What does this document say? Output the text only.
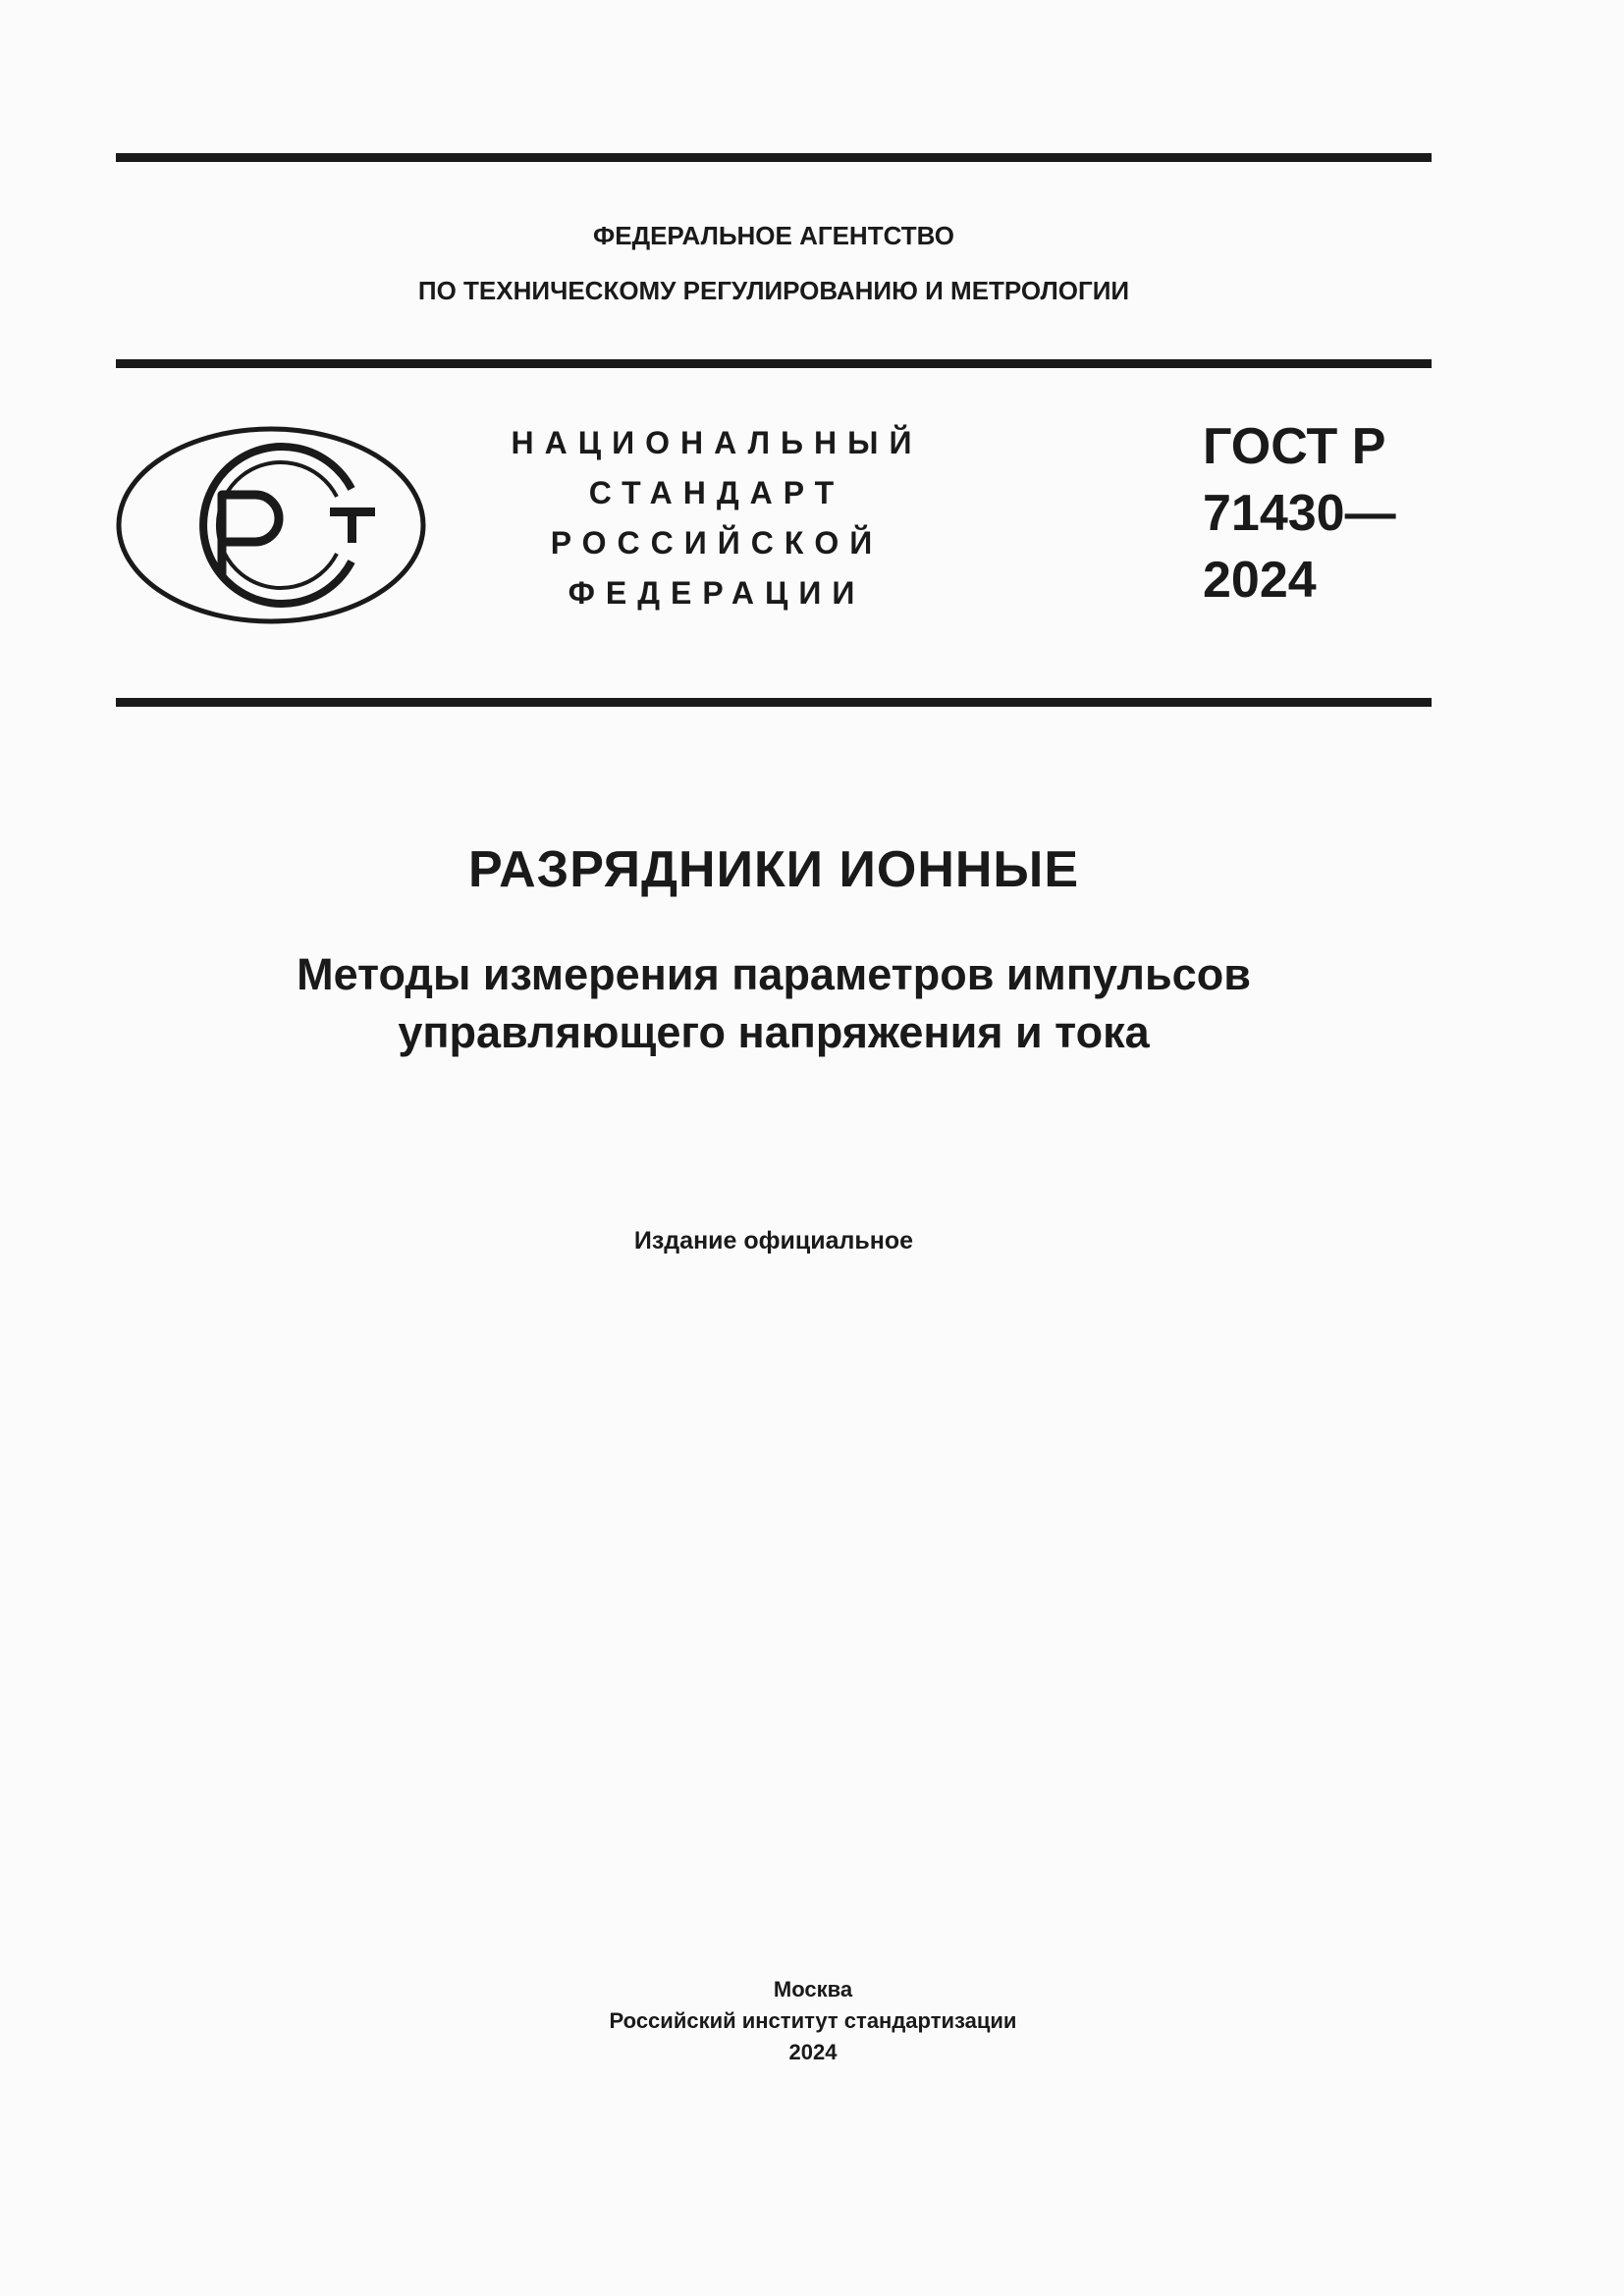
ФЕДЕРАЛЬНОЕ АГЕНТСТВО
ПО ТЕХНИЧЕСКОМУ РЕГУЛИРОВАНИЮ И МЕТРОЛОГИИ
НАЦИОНАЛЬНЫЙ
СТАНДАРТ
РОССИЙСКОЙ
ФЕДЕРАЦИИ
ГОСТ Р
71430—
2024
РАЗРЯДНИКИ ИОННЫЕ
Методы измерения параметров импульсов
управляющего напряжения и тока
Издание официальное
Москва
Российский институт стандартизации
2024
